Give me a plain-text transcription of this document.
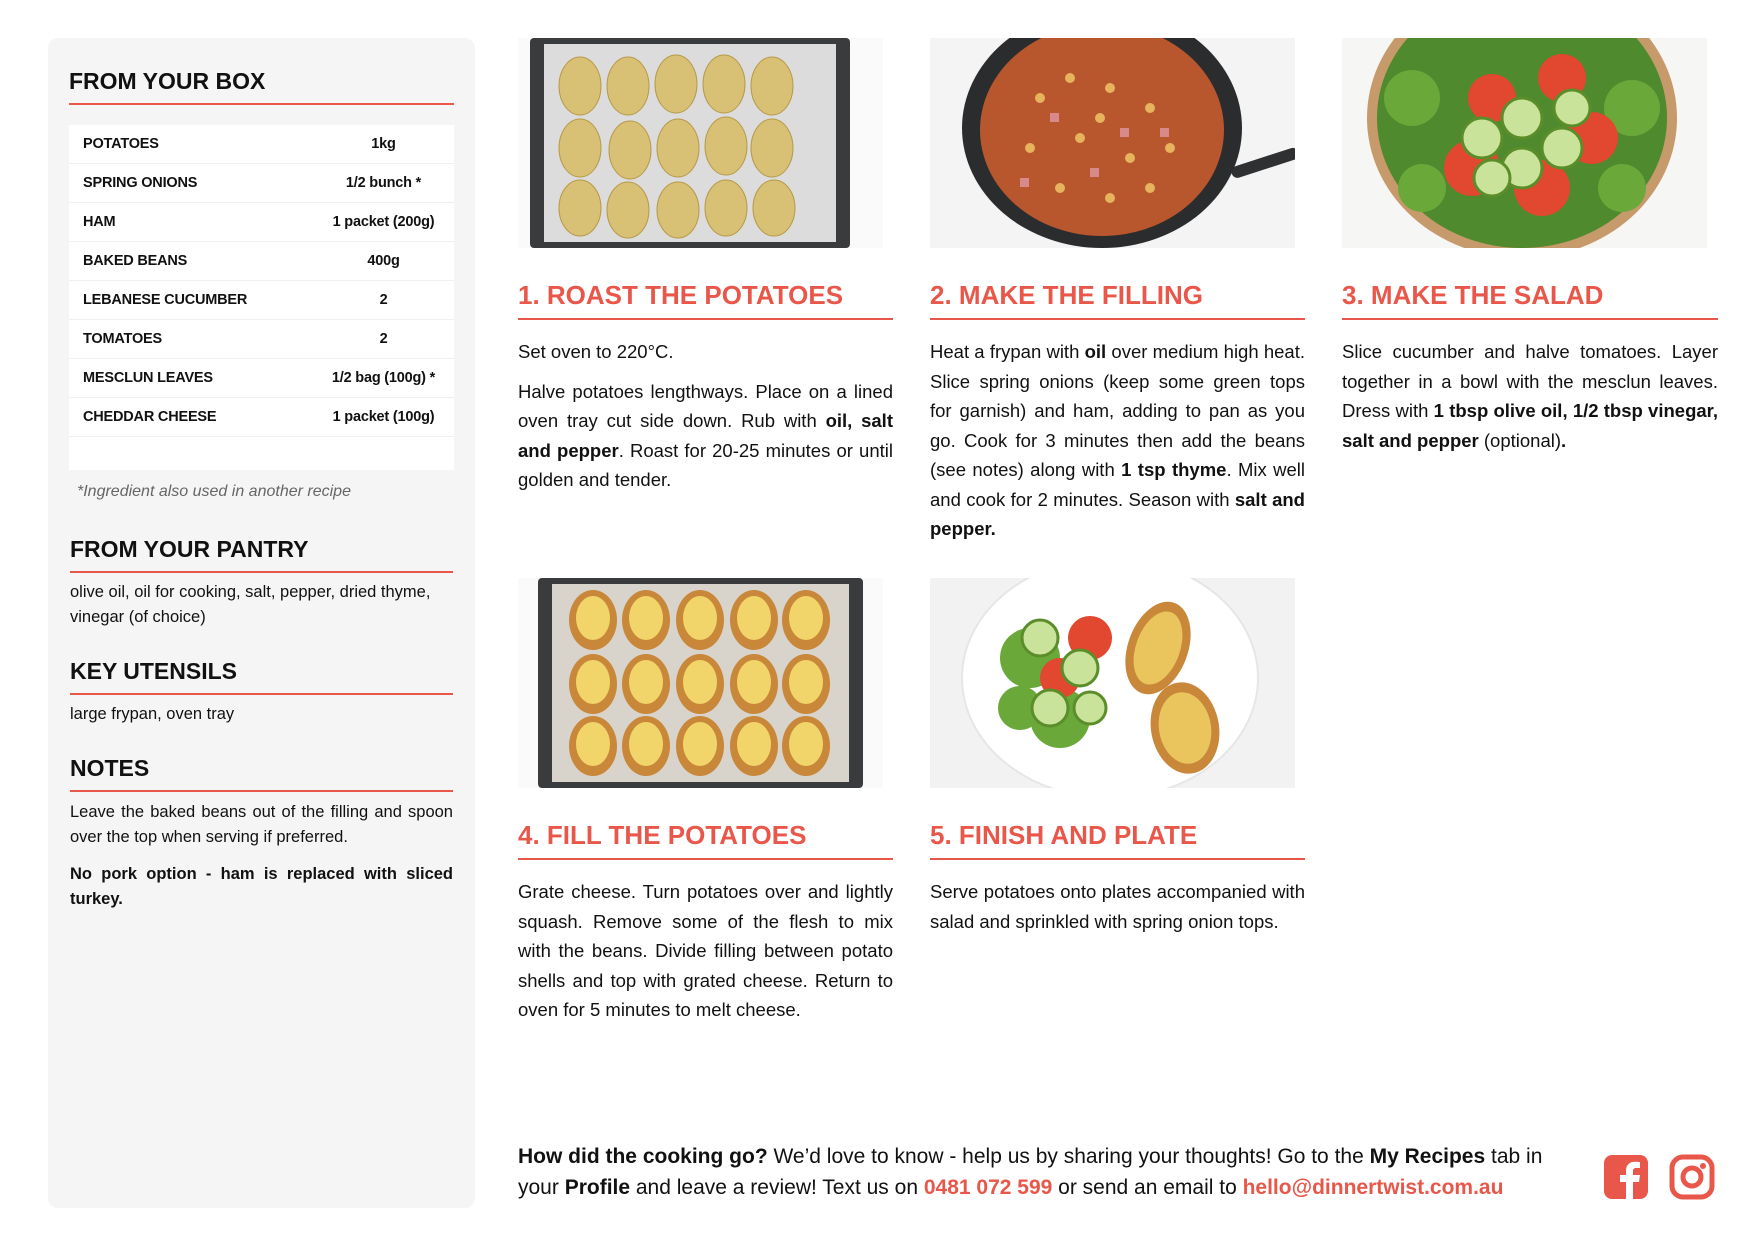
FROM YOUR BOX
POTATOES	1kg
SPRING ONIONS	1/2 bunch *
HAM	1 packet (200g)
BAKED BEANS	400g
LEBANESE CUCUMBER	2
TOMATOES	2
MESCLUN LEAVES	1/2 bag (100g) *
CHEDDAR CHEESE	1 packet (100g)
*Ingredient also used in another recipe
FROM YOUR PANTRY
olive oil, oil for cooking, salt, pepper, dried thyme, vinegar (of choice)
KEY UTENSILS
large frypan, oven tray
NOTES
Leave the baked beans out of the filling and spoon over the top when serving if preferred.
No pork option - ham is replaced with sliced turkey.
1. ROAST THE POTATOES	2. MAKE THE FILLING	3. MAKE THE SALAD

Set oven to 220°C.

Halve potatoes lengthways. Place on a lined oven tray cut side down. Rub with oil, salt and pepper. Roast for 20-25 minutes or until golden and tender.

Heat a frypan with oil over medium high heat. Slice spring onions (keep some green tops for garnish) and ham, adding to pan as you go. Cook for 3 minutes then add the beans (see notes) along with 1 tsp thyme. Mix well and cook for 2 minutes. Season with salt and pepper.

Slice cucumber and halve tomatoes. Layer together in a bowl with the mesclun leaves. Dress with 1 tbsp olive oil, 1/2 tbsp vinegar, salt and pepper (optional).

4. FILL THE POTATOES	5. FINISH AND PLATE

Grate cheese. Turn potatoes over and lightly squash. Remove some of the flesh to mix with the beans. Divide filling between potato shells and top with grated cheese. Return to oven for 5 minutes to melt cheese.

Serve potatoes onto plates accompanied with salad and sprinkled with spring onion tops.

How did the cooking go? We’d love to know - help us by sharing your thoughts! Go to the My Recipes tab in your Profile and leave a review! Text us on 0481 072 599 or send an email to hello@dinnertwist.com.au
